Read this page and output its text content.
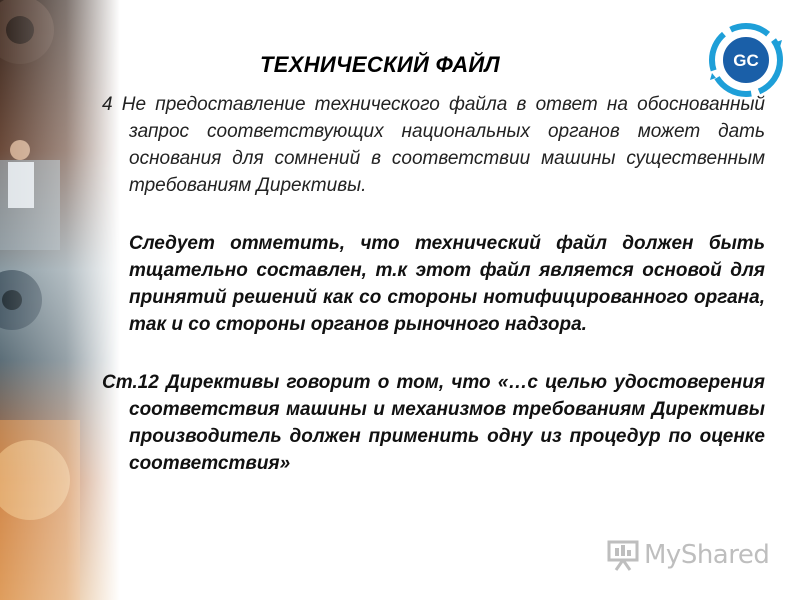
GC
ТЕХНИЧЕСКИЙ ФАЙЛ

4 Не предоставление технического файла в ответ на обоснованный запрос соответствующих национальных органов может дать основания для сомнений в соответствии машины существенным требованиям Директивы.

Следует отметить, что технический файл должен быть тщательно составлен, т.к этот файл является основой для принятий решений как со стороны нотифицированного органа, так и со стороны органов рыночного надзора.

Ст.12 Директивы говорит о том, что «…с целью удостоверения соответствия машины и механизмов требованиям Директивы производитель должен применить одну из процедур по оценке соответствия»

MyShared
